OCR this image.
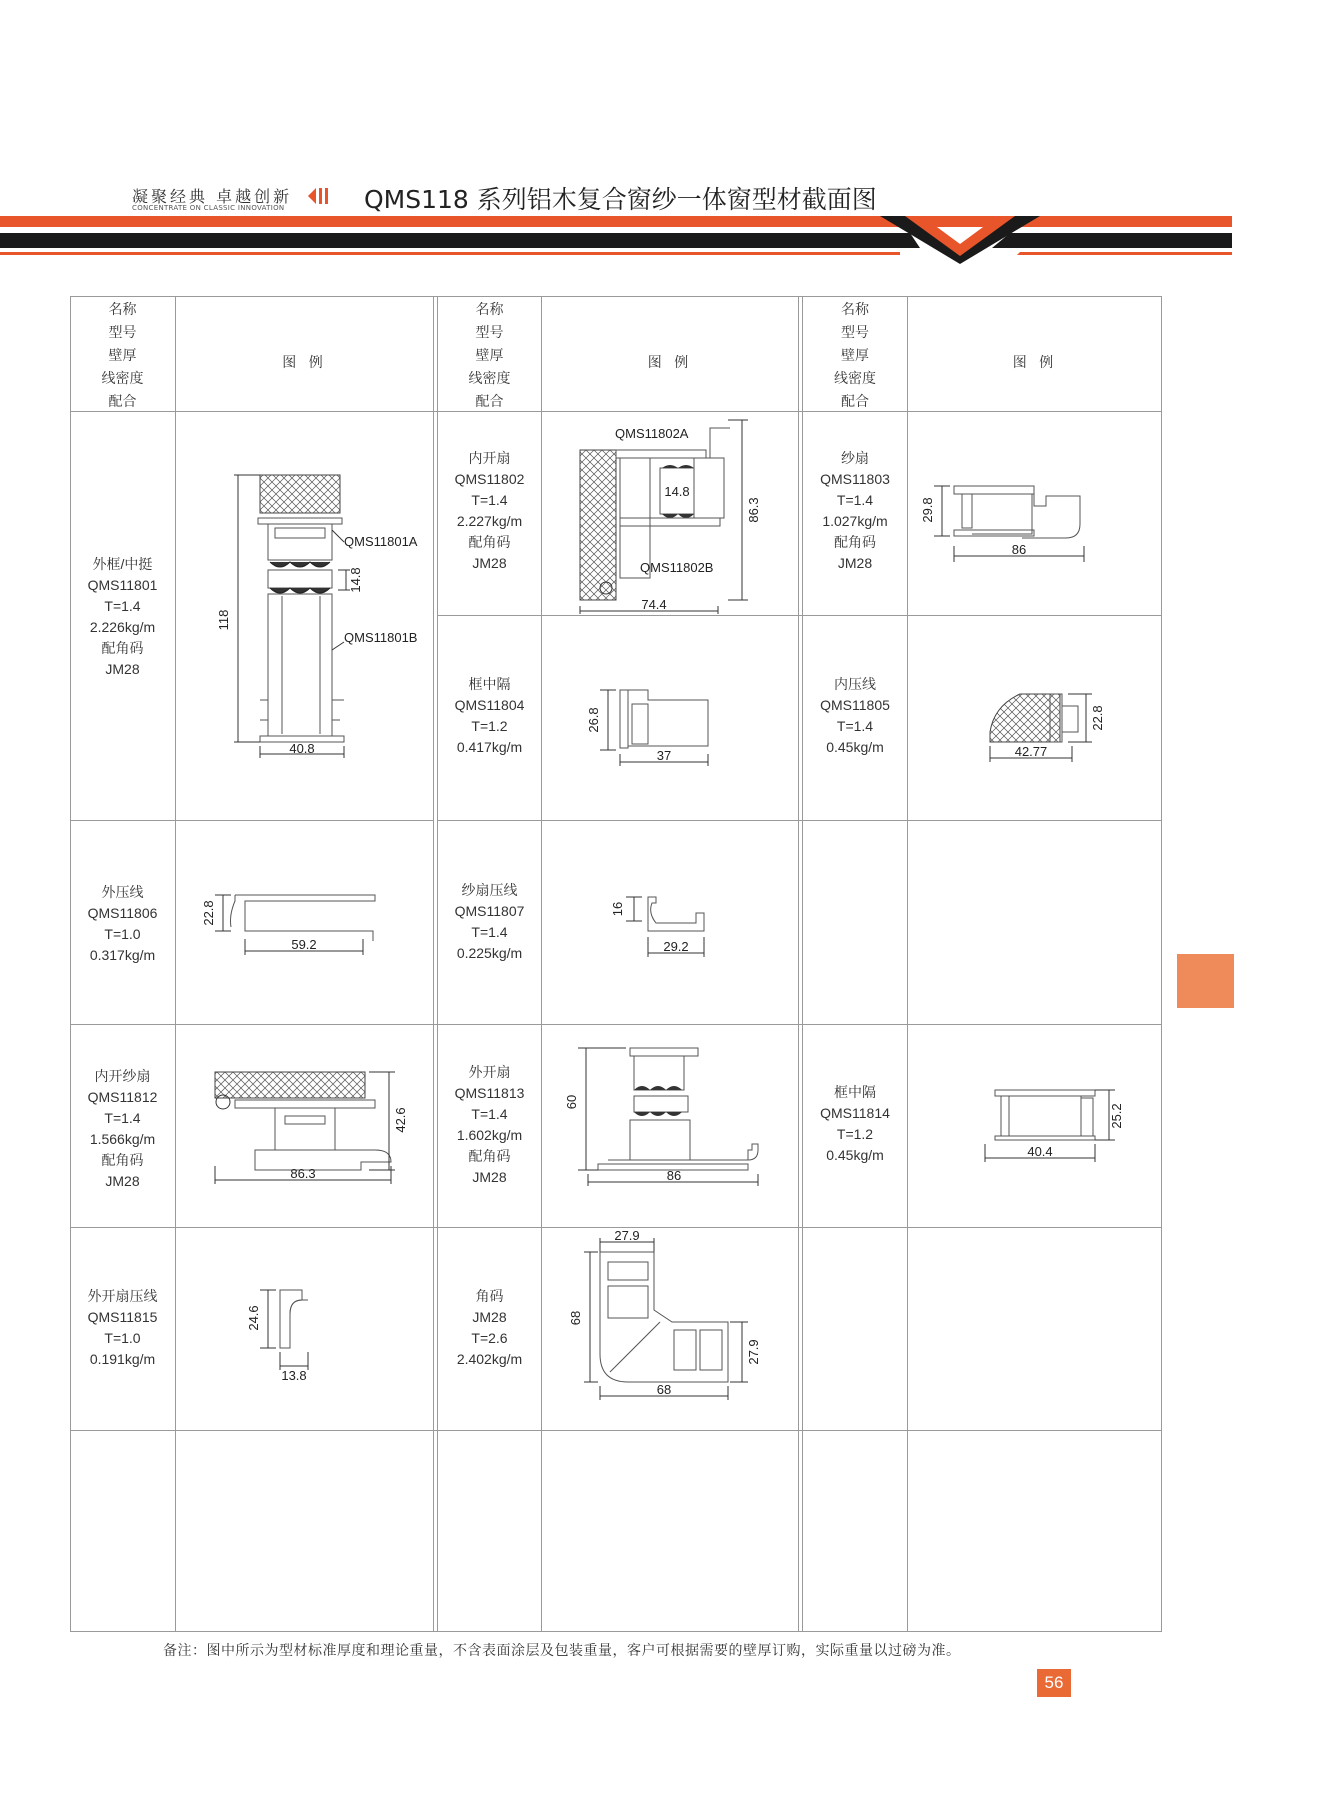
凝聚经典 卓越创新
CONCENTRATE ON CLASSIC INNOVATION	QMS118 系列铝木复合窗纱一体窗型材截面图
名称
型号
壁厚
线密度
配合
图 例
名称
型号
壁厚
线密度
配合
图 例
名称
型号
壁厚
线密度
配合
图 例
外框/中挺
QMS11801
T=1.4
2.226kg/m
配角码
JM28
外压线
QMS11806
T=1.0
0.317kg/m
内开纱扇
QMS11812
T=1.4
1.566kg/m
配角码
JM28
外开扇压线
QMS11815
T=1.0
0.191kg/m
内开扇
QMS11802
T=1.4
2.227kg/m
配角码
JM28
框中隔
QMS11804
T=1.2
0.417kg/m
纱扇压线
QMS11807
T=1.4
0.225kg/m
外开扇
QMS11813
T=1.4
1.602kg/m
配角码
JM28
角码
JM28
T=2.6
2.402kg/m
纱扇
QMS11803
T=1.4
1.027kg/m
配角码
JM28
内压线
QMS11805
T=1.4
0.45kg/m
框中隔
QMS11814
T=1.2
0.45kg/m
118
14.8
40.8
QMS11801A
QMS11801B
86.3
14.8
74.4
QMS11802A
QMS11802B
29.8
86
26.8
37
22.8
42.77
22.8
59.2
16
29.2
42.6
86.3
60
86
25.2
40.4
24.6
13.8
27.9
68
27.9
68
备注：图中所示为型材标准厚度和理论重量，不含表面涂层及包装重量，客户可根据需要的壁厚订购，实际重量以过磅为准。
56
